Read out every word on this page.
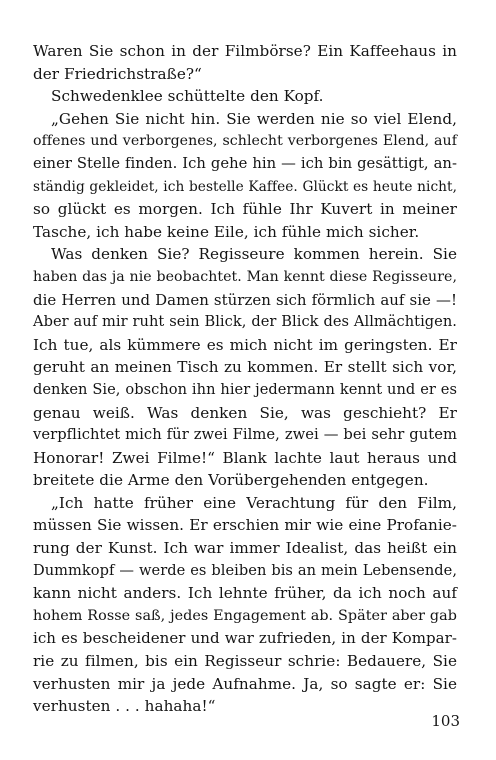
Waren Sie schon in der Filmbörse? Ein Kaffeehaus in
der Friedrichstraße?“
Schwedenklee schüttelte den Kopf.
„Gehen Sie nicht hin. Sie werden nie so viel Elend,
offenes und verborgenes, schlecht verborgenes Elend, auf
einer Stelle finden. Ich gehe hin — ich bin gesättigt, an-
ständig gekleidet, ich bestelle Kaffee. Glückt es heute nicht,
so glückt es morgen. Ich fühle Ihr Kuvert in meiner
Tasche, ich habe keine Eile, ich fühle mich sicher.
Was denken Sie? Regisseure kommen herein. Sie
haben das ja nie beobachtet. Man kennt diese Regisseure,
die Herren und Damen stürzen sich förmlich auf sie —!
Aber auf mir ruht sein Blick, der Blick des Allmächtigen.
Ich tue, als kümmere es mich nicht im geringsten. Er
geruht an meinen Tisch zu kommen. Er stellt sich vor,
denken Sie, obschon ihn hier jedermann kennt und er es
genau weiß. Was denken Sie, was geschieht? Er
verpflichtet mich für zwei Filme, zwei — bei sehr gutem
Honorar! Zwei Filme!“ Blank lachte laut heraus und
breitete die Arme den Vorübergehenden entgegen.
„Ich hatte früher eine Verachtung für den Film,
müssen Sie wissen. Er erschien mir wie eine Profanie-
rung der Kunst. Ich war immer Idealist, das heißt ein
Dummkopf — werde es bleiben bis an mein Lebensende,
kann nicht anders. Ich lehnte früher, da ich noch auf
hohem Rosse saß, jedes Engagement ab. Später aber gab
ich es bescheidener und war zufrieden, in der Kompar-
rie zu filmen, bis ein Regisseur schrie: Bedauere, Sie
verhusten mir ja jede Aufnahme. Ja, so sagte er: Sie
verhusten . . . hahaha!“
103
